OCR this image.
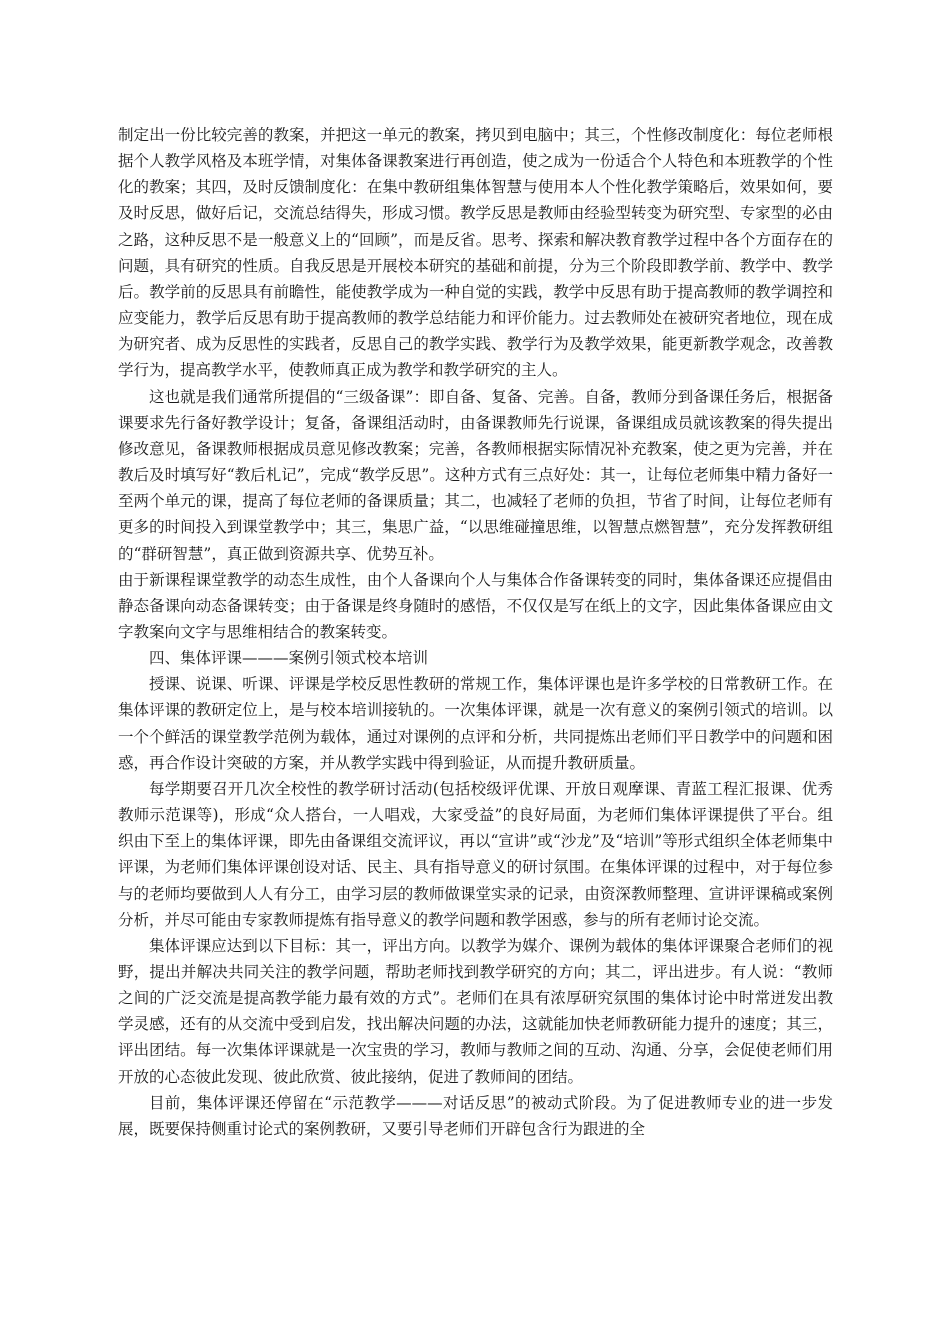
制定出一份比较完善的教案，并把这一单元的教案，拷贝到电脑中；其三，个性修改制度化：每位老师根据个人教学风格及本班学情，对集体备课教案进行再创造，使之成为一份适合个人特色和本班教学的个性化的教案；其四，及时反馈制度化：在集中教研组集体智慧与使用本人个性化教学策略后，效果如何，要及时反思，做好后记，交流总结得失，形成习惯。教学反思是教师由经验型转变为研究型、专家型的必由之路，这种反思不是一般意义上的“回顾”，而是反省。思考、探索和解决教育教学过程中各个方面存在的问题，具有研究的性质。自我反思是开展校本研究的基础和前提，分为三个阶段即教学前、教学中、教学后。教学前的反思具有前瞻性，能使教学成为一种自觉的实践，教学中反思有助于提高教师的教学调控和应变能力，教学后反思有助于提高教师的教学总结能力和评价能力。过去教师处在被研究者地位，现在成为研究者、成为反思性的实践者，反思自己的教学实践、教学行为及教学效果，能更新教学观念，改善教学行为，提高教学水平，使教师真正成为教学和教学研究的主人。

这也就是我们通常所提倡的“三级备课”：即自备、复备、完善。自备，教师分到备课任务后，根据备课要求先行备好教学设计；复备，备课组活动时，由备课教师先行说课，备课组成员就该教案的得失提出修改意见，备课教师根据成员意见修改教案；完善，各教师根据实际情况补充教案，使之更为完善，并在教后及时填写好“教后札记”，完成“教学反思”。这种方式有三点好处：其一，让每位老师集中精力备好一至两个单元的课，提高了每位老师的备课质量；其二，也减轻了老师的负担，节省了时间，让每位老师有更多的时间投入到课堂教学中；其三，集思广益，“以思维碰撞思维，以智慧点燃智慧”，充分发挥教研组的“群研智慧”，真正做到资源共享、优势互补。

由于新课程课堂教学的动态生成性，由个人备课向个人与集体合作备课转变的同时，集体备课还应提倡由静态备课向动态备课转变；由于备课是终身随时的感悟，不仅仅是写在纸上的文字，因此集体备课应由文字教案向文字与思维相结合的教案转变。

四、集体评课———案例引领式校本培训

授课、说课、听课、评课是学校反思性教研的常规工作，集体评课也是许多学校的日常教研工作。在集体评课的教研定位上，是与校本培训接轨的。一次集体评课，就是一次有意义的案例引领式的培训。以一个个鲜活的课堂教学范例为载体，通过对课例的点评和分析，共同提炼出老师们平日教学中的问题和困惑，再合作设计突破的方案，并从教学实践中得到验证，从而提升教研质量。

每学期要召开几次全校性的教学研讨活动(包括校级评优课、开放日观摩课、青蓝工程汇报课、优秀教师示范课等)，形成“众人搭台，一人唱戏，大家受益”的良好局面，为老师们集体评课提供了平台。组织由下至上的集体评课，即先由备课组交流评议，再以“宣讲”或“沙龙”及“培训”等形式组织全体老师集中评课，为老师们集体评课创设对话、民主、具有指导意义的研讨氛围。在集体评课的过程中，对于每位参与的老师均要做到人人有分工，由学习层的教师做课堂实录的记录，由资深教师整理、宣讲评课稿或案例分析，并尽可能由专家教师提炼有指导意义的教学问题和教学困惑，参与的所有老师讨论交流。

集体评课应达到以下目标：其一，评出方向。以教学为媒介、课例为载体的集体评课聚合老师们的视野，提出并解决共同关注的教学问题，帮助老师找到教学研究的方向；其二，评出进步。有人说：“教师之间的广泛交流是提高教学能力最有效的方式”。老师们在具有浓厚研究氛围的集体讨论中时常迸发出教学灵感，还有的从交流中受到启发，找出解决问题的办法，这就能加快老师教研能力提升的速度；其三，评出团结。每一次集体评课就是一次宝贵的学习，教师与教师之间的互动、沟通、分享，会促使老师们用开放的心态彼此发现、彼此欣赏、彼此接纳，促进了教师间的团结。

目前，集体评课还停留在“示范教学———对话反思”的被动式阶段。为了促进教师专业的进一步发展，既要保持侧重讨论式的案例教研，又要引导老师们开辟包含行为跟进的全
